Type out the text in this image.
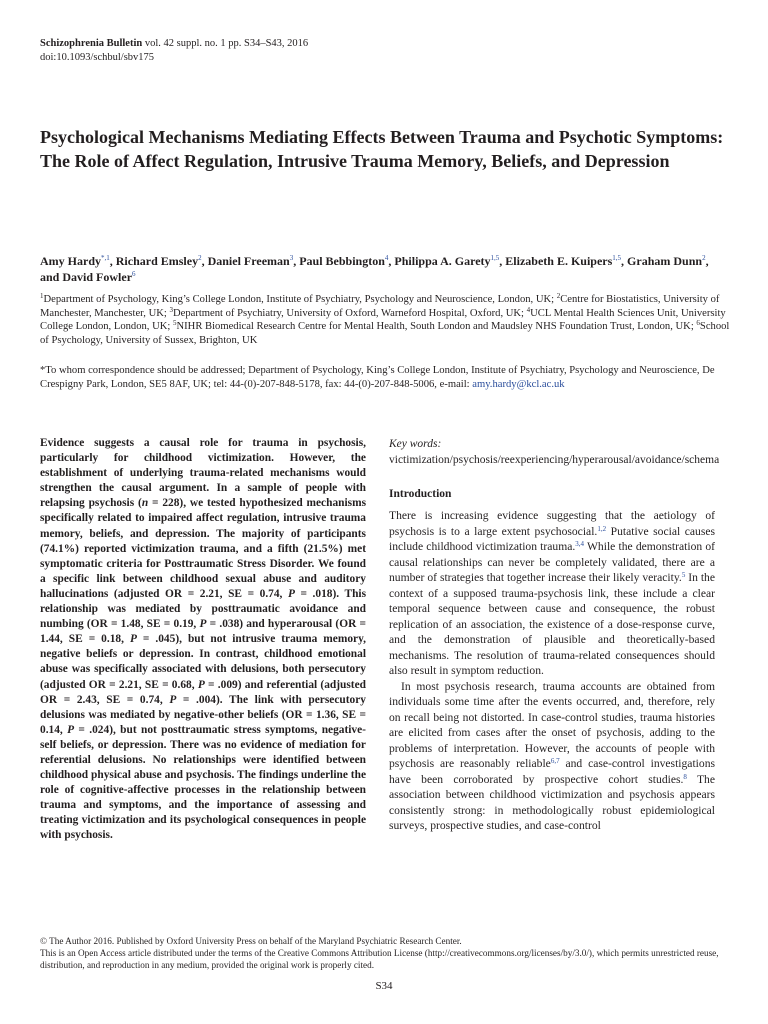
Schizophrenia Bulletin vol. 42 suppl. no. 1 pp. S34–S43, 2016
doi:10.1093/schbul/sbv175
Psychological Mechanisms Mediating Effects Between Trauma and Psychotic Symptoms: The Role of Affect Regulation, Intrusive Trauma Memory, Beliefs, and Depression
Amy Hardy$^{*,1}$, Richard Emsley$^2$, Daniel Freeman$^3$, Paul Bebbington$^4$, Philippa A. Garety$^{1,5}$, Elizabeth E. Kuipers$^{1,5}$, Graham Dunn$^2$, and David Fowler$^6$
$^1$Department of Psychology, King’s College London, Institute of Psychiatry, Psychology and Neuroscience, London, UK; $^2$Centre for Biostatistics, University of Manchester, Manchester, UK; $^3$Department of Psychiatry, University of Oxford, Warneford Hospital, Oxford, UK; $^4$UCL Mental Health Sciences Unit, University College London, London, UK; $^5$NIHR Biomedical Research Centre for Mental Health, South London and Maudsley NHS Foundation Trust, London, UK; $^6$School of Psychology, University of Sussex, Brighton, UK
*To whom correspondence should be addressed; Department of Psychology, King’s College London, Institute of Psychiatry, Psychology and Neuroscience, De Crespigny Park, London, SE5 8AF, UK; tel: 44-(0)-207-848-5178, fax: 44-(0)-207-848-5006, e-mail: amy.hardy@kcl.ac.uk

Evidence suggests a causal role for trauma in psychosis, particularly for childhood victimization. However, the establishment of underlying trauma-related mechanisms would strengthen the causal argument. In a sample of people with relapsing psychosis (n = 228), we tested hypothesized mechanisms specifically related to impaired affect regulation, intrusive trauma memory, beliefs, and depression. The majority of participants (74.1%) reported victimization trauma, and a fifth (21.5%) met symptomatic criteria for Posttraumatic Stress Disorder. We found a specific link between childhood sexual abuse and auditory hallucinations (adjusted OR = 2.21, SE = 0.74, P = .018). This relationship was mediated by posttraumatic avoidance and numbing (OR = 1.48, SE = 0.19, P = .038) and hyperarousal (OR = 1.44, SE = 0.18, P = .045), but not intrusive trauma memory, negative beliefs or depression. In contrast, childhood emotional abuse was specifically associated with delusions, both persecutory (adjusted OR = 2.21, SE = 0.68, P = .009) and referential (adjusted OR = 2.43, SE = 0.74, P = .004). The link with persecutory delusions was mediated by negative-other beliefs (OR = 1.36, SE = 0.14, P = .024), but not posttraumatic stress symptoms, negative-self beliefs, or depression. There was no evidence of mediation for referential delusions. No relationships were identified between childhood physical abuse and psychosis. The findings underline the role of cognitive-affective processes in the relationship between trauma and symptoms, and the importance of assessing and treating victimization and its psychological consequences in people with psychosis.

Key words:  victimization/psychosis/reexperiencing/hyperarousal/avoidance/schema
Introduction

There is increasing evidence suggesting that the aetiology of psychosis is to a large extent psychosocial.$^{1,2}$ Putative social causes include childhood victimization trauma.$^{3,4}$ While the demonstration of causal relationships can never be completely validated, there are a number of strategies that together increase their likely veracity.$^5$ In the context of a supposed trauma-psychosis link, these include a clear temporal sequence between cause and consequence, the robust replication of an association, the existence of a dose-response curve, and the demonstration of plausible and theoretically-based mechanisms. The resolution of trauma-related consequences should also result in symptom reduction.

In most psychosis research, trauma accounts are obtained from individuals some time after the events occurred, and, therefore, rely on recall being not distorted. In case-control studies, trauma histories are elicited from cases after the onset of psychosis, adding to the problems of interpretation. However, the accounts of people with psychosis are reasonably reliable$^{6,7}$ and case-control investigations have been corroborated by prospective cohort studies.$^8$ The association between childhood victimization and psychosis appears consistently strong: in methodologically robust epidemiological surveys, prospective studies, and case-control

© The Author 2016. Published by Oxford University Press on behalf of the Maryland Psychiatric Research Center.

This is an Open Access article distributed under the terms of the Creative Commons Attribution License (http://creativecommons.org/licenses/by/3.0/), which permits unrestricted reuse, distribution, and reproduction in any medium, provided the original work is properly cited.

S34
